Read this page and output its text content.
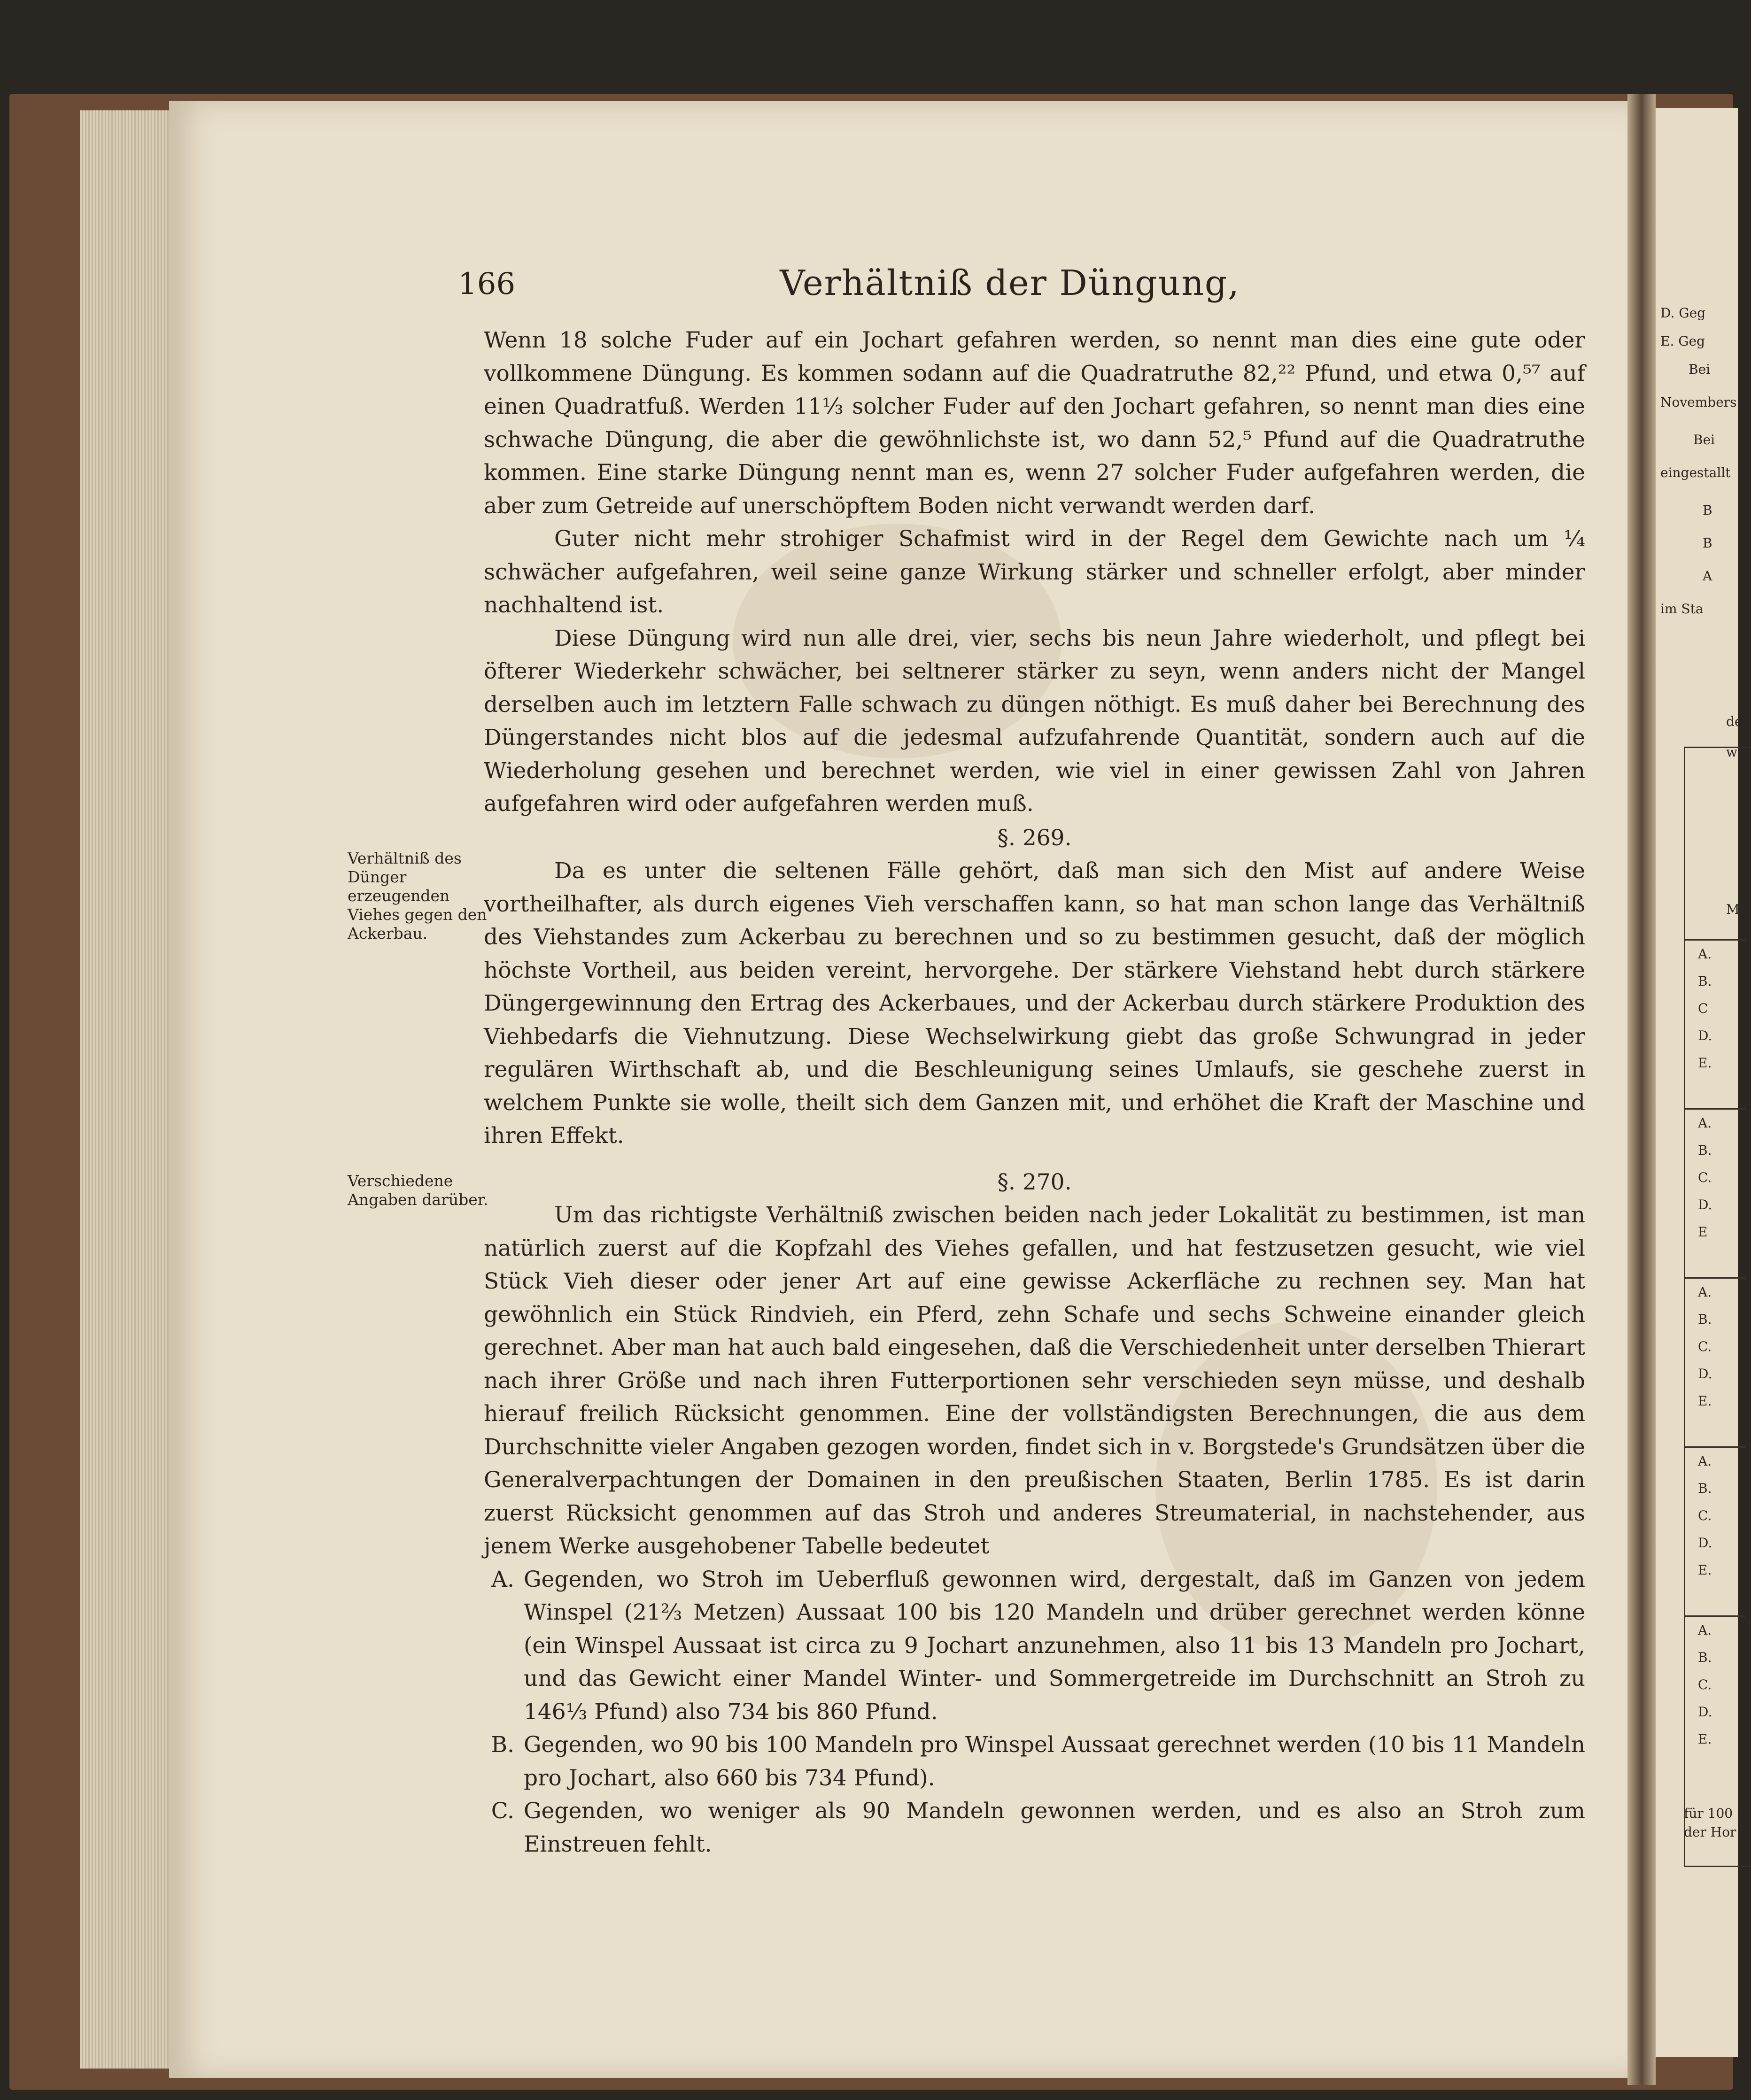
166	Verhältniß der Düngung,
Verhältniß des Dünger erzeugenden Viehes gegen den Ackerbau.
Verschiedene Angaben darüber.

Wenn 18 solche Fuder auf ein Jochart gefahren werden, so nennt man dies eine gute oder vollkommene Düngung. Es kommen sodann auf die Quadratruthe 82,²² Pfund, und etwa 0,⁵⁷ auf einen Quadratfuß. Werden 11⅓ solcher Fuder auf den Jochart gefahren, so nennt man dies eine schwache Düngung, die aber die gewöhnlichste ist, wo dann 52,⁵ Pfund auf die Quadratruthe kommen. Eine starke Düngung nennt man es, wenn 27 solcher Fuder aufgefahren werden, die aber zum Getreide auf unerschöpftem Boden nicht verwandt werden darf.

Guter nicht mehr strohiger Schafmist wird in der Regel dem Gewichte nach um ¼ schwächer aufgefahren, weil seine ganze Wirkung stärker und schneller erfolgt, aber minder nachhaltend ist.

Diese Düngung wird nun alle drei, vier, sechs bis neun Jahre wiederholt, und pflegt bei öfterer Wiederkehr schwächer, bei seltnerer stärker zu seyn, wenn anders nicht der Mangel derselben auch im letztern Falle schwach zu düngen nöthigt. Es muß daher bei Berechnung des Düngerstandes nicht blos auf die jedesmal aufzufahrende Quantität, sondern auch auf die Wiederholung gesehen und berechnet werden, wie viel in einer gewissen Zahl von Jahren aufgefahren wird oder aufgefahren werden muß.

§. 269.

Da es unter die seltenen Fälle gehört, daß man sich den Mist auf andere Weise vortheilhafter, als durch eigenes Vieh verschaffen kann, so hat man schon lange das Verhältniß des Viehstandes zum Ackerbau zu berechnen und so zu bestimmen gesucht, daß der möglich höchste Vortheil, aus beiden vereint, hervorgehe. Der stärkere Viehstand hebt durch stärkere Düngergewinnung den Ertrag des Ackerbaues, und der Ackerbau durch stärkere Produktion des Viehbedarfs die Viehnutzung. Diese Wechselwirkung giebt das große Schwungrad in jeder regulären Wirthschaft ab, und die Beschleunigung seines Umlaufs, sie geschehe zuerst in welchem Punkte sie wolle, theilt sich dem Ganzen mit, und erhöhet die Kraft der Maschine und ihren Effekt.

§. 270.

Um das richtigste Verhältniß zwischen beiden nach jeder Lokalität zu bestimmen, ist man natürlich zuerst auf die Kopfzahl des Viehes gefallen, und hat festzusetzen gesucht, wie viel Stück Vieh dieser oder jener Art auf eine gewisse Ackerfläche zu rechnen sey. Man hat gewöhnlich ein Stück Rindvieh, ein Pferd, zehn Schafe und sechs Schweine einander gleich gerechnet. Aber man hat auch bald eingesehen, daß die Verschiedenheit unter derselben Thierart nach ihrer Größe und nach ihren Futterportionen sehr verschieden seyn müsse, und deshalb hierauf freilich Rücksicht genommen. Eine der vollständigsten Berechnungen, die aus dem Durchschnitte vieler Angaben gezogen worden, findet sich in v. Borgstede's Grundsätzen über die Generalverpachtungen der Domainen in den preußischen Staaten, Berlin 1785. Es ist darin zuerst Rücksicht genommen auf das Stroh und anderes Streumaterial, in nachstehender, aus jenem Werke ausgehobener Tabelle bedeutet

A. Gegenden, wo Stroh im Ueberfluß gewonnen wird, dergestalt, daß im Ganzen von jedem Winspel (21⅔ Metzen) Aussaat 100 bis 120 Mandeln und drüber gerechnet werden könne (ein Winspel Aussaat ist circa zu 9 Jochart anzunehmen, also 11 bis 13 Mandeln pro Jochart, und das Gewicht einer Mandel Winter- und Sommergetreide im Durchschnitt an Stroh zu 146⅓ Pfund) also 734 bis 860 Pfund.
B. Gegenden, wo 90 bis 100 Mandeln pro Winspel Aussaat gerechnet werden (10 bis 11 Mandeln pro Jochart, also 660 bis 734 Pfund).
C. Gegenden, wo weniger als 90 Mandeln gewonnen werden, und es also an Stroh zum Einstreuen fehlt.
D. Geg
E. Geg
Bei
Novembers
Bei
eingestallt
B
B
A
im Sta
de
w
M
für 100 S
der Hor
A.
B.
C
D.
E.
A.
B.
C.
D.
E
A.
B.
C.
D.
E.
A.
B.
C.
D.
E.
A.
B.
C.
D.
E.
